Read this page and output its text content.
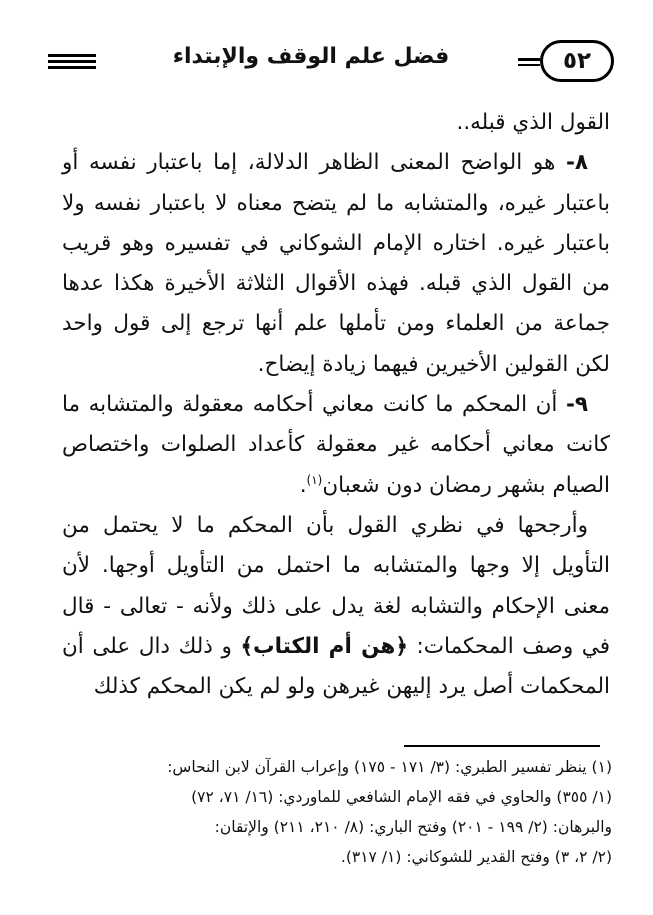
٥٢
فضل علم الوقف والإبتداء

القول الذي قبله..

٨- هو الواضح المعنى الظاهر الدلالة، إما باعتبار نفسه أو باعتبار غيره، والمتشابه ما لم يتضح معناه لا باعتبار نفسه ولا باعتبار غيره. اختاره الإمام الشوكاني في تفسيره وهو قريب من القول الذي قبله. فهذه الأقوال الثلاثة الأخيرة هكذا عدها جماعة من العلماء ومن تأملها علم أنها ترجع إلى قول واحد لكن القولين الأخيرين فيهما زيادة إيضاح.

٩- أن المحكم ما كانت معاني أحكامه معقولة والمتشابه ما كانت معاني أحكامه غير معقولة كأعداد الصلوات واختصاص الصيام بشهر رمضان دون شعبان$^{(١)}$.

وأرجحها في نظري القول بأن المحكم ما لا يحتمل من التأويل إلا وجها والمتشابه ما احتمل من التأويل أوجها. لأن معنى الإحكام والتشابه لغة يدل على ذلك ولأنه - تعالى - قال في وصف المحكمات: ﴿هن أم الكتاب﴾ و ذلك دال على أن المحكمات أصل يرد إليهن غيرهن ولو لم يكن المحكم كذلك

(١) ينظر تفسير الطبري: (٣/ ١٧١ - ١٧٥) وإعراب القرآن لابن النحاس:

(١/ ٣٥٥) والحاوي في فقه الإمام الشافعي للماوردي: (١٦/ ٧١، ٧٢)

والبرهان: (٢/ ١٩٩ - ٢٠١) وفتح الباري: (٨/ ٢١٠، ٢١١) والإتقان:

(٢/ ٢، ٣) وفتح القدير للشوكاني: (١/ ٣١٧).
